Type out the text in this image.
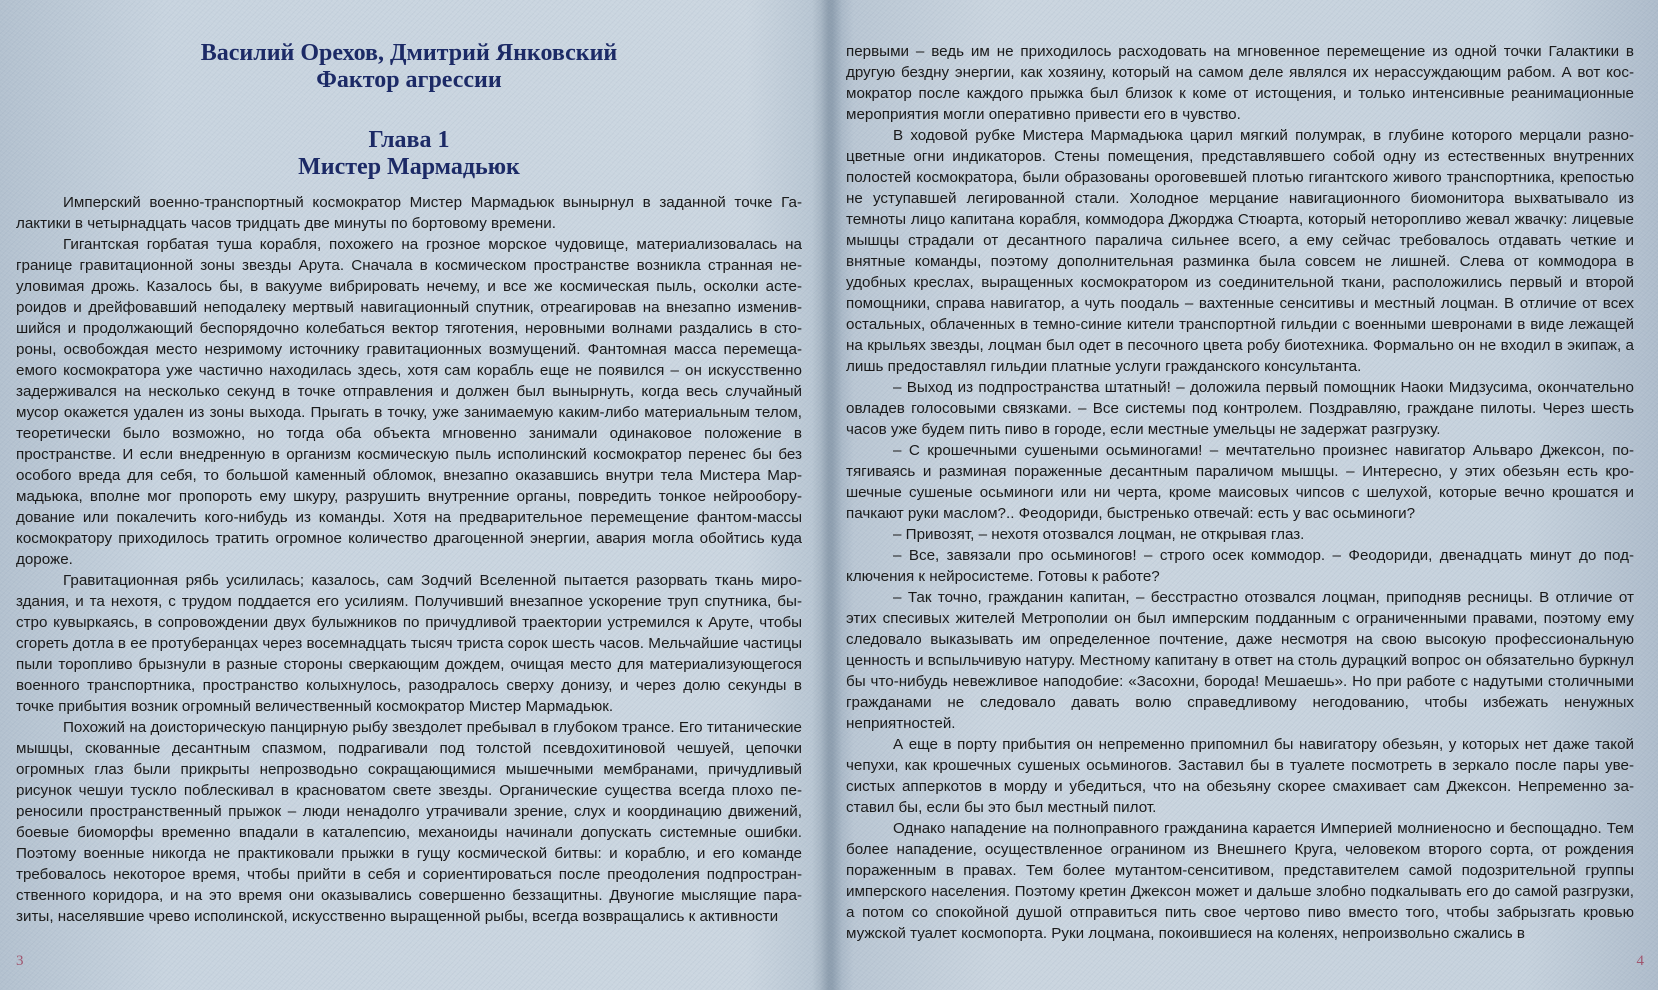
Василий Орехов, Дмитрий Янковский
Фактор агрессии
Глава 1
Мистер Мармадьюк

Имперский военно-транспортный космократор Мистер Мармадьюк вынырнул в заданной точке Галактики в четырнадцать часов тридцать две минуты по бортовому времени.

Гигантская горбатая туша корабля, похожего на грозное морское чудовище, материализовалась на границе гравитационной зоны звезды Арута. Сначала в космическом пространстве возникла странная неуловимая дрожь. Казалось бы, в вакууме вибрировать нечему, и все же космическая пыль, осколки астероидов и дрейфовавший неподалеку мертвый навигационный спутник, отреагировав на внезапно изменившийся и продолжающий беспорядочно колебаться вектор тяготения, неровными волнами раздались в стороны, освобождая место незримому источнику гравитационных возмущений. Фантомная масса перемещаемого космократора уже частично находилась здесь, хотя сам корабль еще не появился – он искусственно задерживался на несколько секунд в точке отправления и должен был вынырнуть, когда весь случайный мусор окажется удален из зоны выхода. Прыгать в точку, уже занимаемую каким-либо материальным телом, теоретически было возможно, но тогда оба объекта мгновенно занимали одинаковое положение в пространстве. И если внедренную в организм космическую пыль исполинский космократор перенес бы без особого вреда для себя, то большой каменный обломок, внезапно оказавшись внутри тела Мистера Мармадьюка, вполне мог пропороть ему шкуру, разрушить внутренние органы, повредить тонкое нейрооборудование или покалечить кого-нибудь из команды. Хотя на предварительное перемещение фантом-массы космократору приходилось тратить огромное количество драгоценной энергии, авария могла обойтись куда дороже.

Гравитационная рябь усилилась; казалось, сам Зодчий Вселенной пытается разорвать ткань мироздания, и та нехотя, с трудом поддается его усилиям. Получивший внезапное ускорение труп спутника, быстро кувыркаясь, в сопровождении двух булыжников по причудливой траектории устремился к Аруте, чтобы сгореть дотла в ее протуберанцах через восемнадцать тысяч триста сорок шесть часов. Мельчайшие частицы пыли торопливо брызнули в разные стороны сверкающим дождем, очищая место для материализующегося военного транспортника, пространство колыхнулось, разодралось сверху донизу, и через долю секунды в точке прибытия возник огромный величественный космократор Мистер Мармадьюк.

Похожий на доисторическую панцирную рыбу звездолет пребывал в глубоком трансе. Его титанические мышцы, скованные десантным спазмом, подрагивали под толстой псевдохитиновой чешуей, цепочки огромных глаз были прикрыты непрозводьно сокращающимися мышечными мембранами, причудливый рисунок чешуи тускло поблескивал в красноватом свете звезды. Органические существа всегда плохо переносили пространственный прыжок – люди ненадолго утрачивали зрение, слух и координацию движений, боевые биоморфы временно впадали в каталепсию, механоиды начинали допускать системные ошибки. Поэтому военные никогда не практиковали прыжки в гущу космической битвы: и кораблю, и его команде требовалось некоторое время, чтобы прийти в себя и сориентироваться после преодоления подпространственного коридора, и на это время они оказывались совершенно беззащитны. Двуногие мыслящие паразиты, населявшие чрево исполинской, искусственно выращенной рыбы, всегда возвращались к активности

3

первыми – ведь им не приходилось расходовать на мгновенное перемещение из одной точки Галактики в другую бездну энергии, как хозяину, который на самом деле являлся их нерассуждающим рабом. А вот космократор после каждого прыжка был близок к коме от истощения, и только интенсивные реанимационные мероприятия могли оперативно привести его в чувство.

В ходовой рубке Мистера Мармадьюка царил мягкий полумрак, в глубине которого мерцали разноцветные огни индикаторов. Стены помещения, представлявшего собой одну из естественных внутренних полостей космократора, были образованы ороговевшей плотью гигантского живого транспортника, крепостью не уступавшей легированной стали. Холодное мерцание навигационного биомонитора выхватывало из темноты лицо капитана корабля, коммодора Джорджа Стюарта, который неторопливо жевал жвачку: лицевые мышцы страдали от десантного паралича сильнее всего, а ему сейчас требовалось отдавать четкие и внятные команды, поэтому дополнительная разминка была совсем не лишней. Слева от коммодора в удобных креслах, выращенных космократором из соединительной ткани, расположились первый и второй помощники, справа навигатор, а чуть поодаль – вахтенные сенситивы и местный лоцман. В отличие от всех остальных, облаченных в темно-синие кители транспортной гильдии с военными шевронами в виде лежащей на крыльях звезды, лоцман был одет в песочного цвета робу биотехника. Формально он не входил в экипаж, а лишь предоставлял гильдии платные услуги гражданского консультанта.

– Выход из подпространства штатный! – доложила первый помощник Наоки Мидзусима, окончательно овладев голосовыми связками. – Все системы под контролем. Поздравляю, граждане пилоты. Через шесть часов уже будем пить пиво в городе, если местные умельцы не задержат разгрузку.

– С крошечными сушеными осьминогами! – мечтательно произнес навигатор Альваро Джексон, потягиваясь и разминая пораженные десантным параличом мышцы. – Интересно, у этих обезьян есть крошечные сушеные осьминоги или ни черта, кроме маисовых чипсов с шелухой, которые вечно крошатся и пачкают руки маслом?.. Феодориди, быстренько отвечай: есть у вас осьминоги?

– Привозят, – нехотя отозвался лоцман, не открывая глаз.

– Все, завязали про осьминогов! – строго осек коммодор. – Феодориди, двенадцать минут до подключения к нейросистеме. Готовы к работе?

– Так точно, гражданин капитан, – бесстрастно отозвался лоцман, приподняв ресницы. В отличие от этих спесивых жителей Метрополии он был имперским подданным с ограниченными правами, поэтому ему следовало выказывать им определенное почтение, даже несмотря на свою высокую профессиональную ценность и вспыльчивую натуру. Местному капитану в ответ на столь дурацкий вопрос он обязательно буркнул бы что-нибудь невежливое наподобие: «Засохни, борода! Мешаешь». Но при работе с надутыми столичными гражданами не следовало давать волю справедливому негодованию, чтобы избежать ненужных неприятностей.

А еще в порту прибытия он непременно припомнил бы навигатору обезьян, у которых нет даже такой чепухи, как крошечных сушеных осьминогов. Заставил бы в туалете посмотреть в зеркало после пары увесистых апперкотов в морду и убедиться, что на обезьяну скорее смахивает сам Джексон. Непременно заставил бы, если бы это был местный пилот.

Однако нападение на полноправного гражданина карается Империей молниеносно и беспощадно. Тем более нападение, осуществленное огранином из Внешнего Круга, человеком второго сорта, от рождения пораженным в правах. Тем более мутантом-сенситивом, представителем самой подозрительной группы имперского населения. Поэтому кретин Джексон может и дальше злобно подкалывать его до самой разгрузки, а потом со спокойной душой отправиться пить свое чертово пиво вместо того, чтобы забрызгать кровью мужской туалет космопорта. Руки лоцмана, покоившиеся на коленях, непроизвольно сжались в

4
